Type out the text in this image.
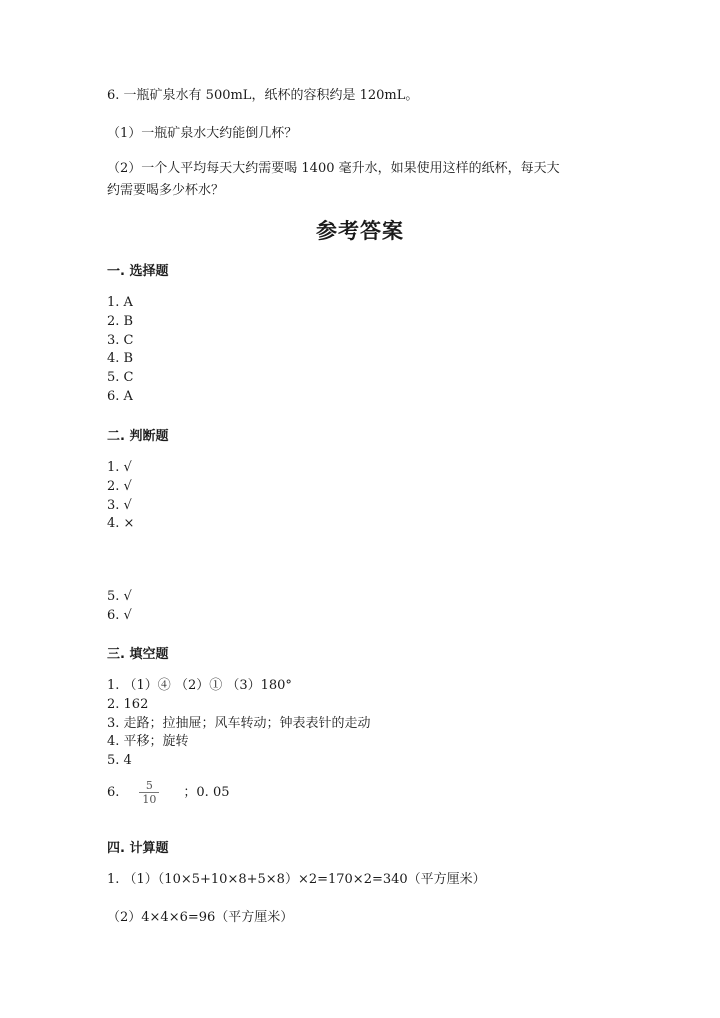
6. 一瓶矿泉水有 500mL，纸杯的容积约是 120mL。
（1）一瓶矿泉水大约能倒几杯？
（2）一个人平均每天大约需要喝 1400 毫升水，如果使用这样的纸杯，每天大
约需要喝多少杯水？
参考答案
一. 选择题
1. A
2. B
3. C
4. B
5. C
6. A
二. 判断题
1. √
2. √
3. √
4. ×
5. √
6. √
三. 填空题
1. （1）④ （2）① （3）180°
2. 162
3. 走路；拉抽屉；风车转动；钟表表针的走动
4. 平移；旋转
5. 4
6. $\frac{5}{10}$ ；0. 05
四. 计算题
1. （1）（10×5+10×8+5×8）×2=170×2=340（平方厘米）
（2）4×4×6=96（平方厘米）
